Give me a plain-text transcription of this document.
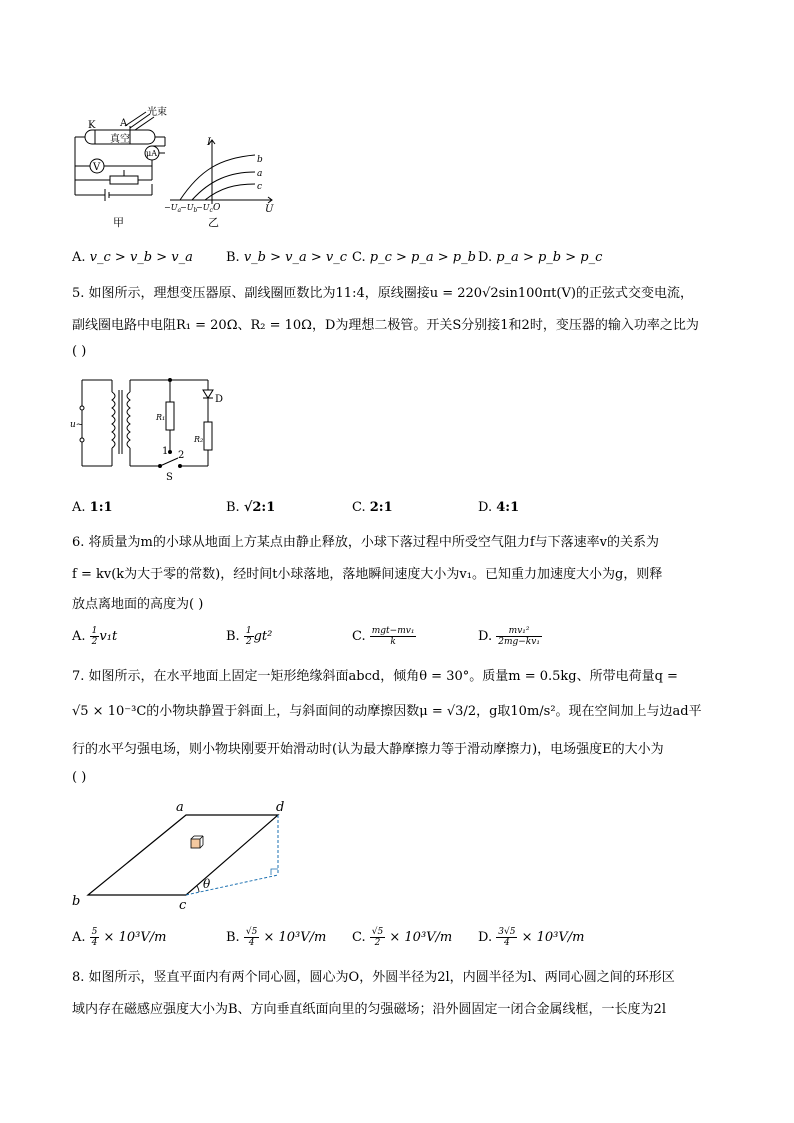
K A
光束
真空
μA
V
甲
I
U
O
b
a
c
$-U_a$
$-U_b$
$-U_c$
乙
A. v_c > v_b > v_a	B. v_b > v_a > v_c C. p_c > p_a > p_b D. p_a > p_b > p_c
5. 如图所示，理想变压器原、副线圈匝数比为11:4，原线圈接u = 220√2sin100πt(V)的正弦式交变电流，
副线圈电路中电阻R₁ = 20Ω、R₂ = 10Ω，D为理想二极管。开关S分别接1和2时，变压器的输入功率之比为
( )
u~
R₁
R₂
D
1 2
S
A. 1:1	B. √2:1	C. 2:1	D. 4:1
6. 将质量为m的小球从地面上方某点由静止释放，小球下落过程中所受空气阻力f与下落速率v的关系为
f = kv(k为大于零的常数)，经时间t小球落地，落地瞬间速度大小为v₁。已知重力加速度大小为g，则释
放点离地面的高度为( )
A. $\frac{1}{2} v_1t$	B. $\frac{1}{2} gt^2$	C. $\frac{\text{mgt−mv₁}}{k}$	D. $\frac{\text{mv₁²}}{\text{2mg−kv₁}}$
7. 如图所示，在水平地面上固定一矩形绝缘斜面abcd，倾角θ = 30°。质量m = 0.5kg、所带电荷量q =
√5 × 10⁻³C的小物块静置于斜面上，与斜面间的动摩擦因数μ = √3/2，g取10m/s²。现在空间加上与边ad平
行的水平匀强电场，则小物块刚要开始滑动时(认为最大静摩擦力等于滑动摩擦力)，电场强度E的大小为
( )
a	d
b	c
θ
A. $\frac{5}{4} \times 10^3V/m$	B. $\frac{√5}{4} \times 10^3V/m$ C. $\frac{√5}{2} \times 10^3V/m$ D. $\frac{3√5}{4} \times 10^3V/m$
8. 如图所示，竖直平面内有两个同心圆，圆心为O，外圆半径为2l，内圆半径为l、两同心圆之间的环形区
域内存在磁感应强度大小为B、方向垂直纸面向里的匀强磁场；沿外圆固定一闭合金属线框，一长度为2l
